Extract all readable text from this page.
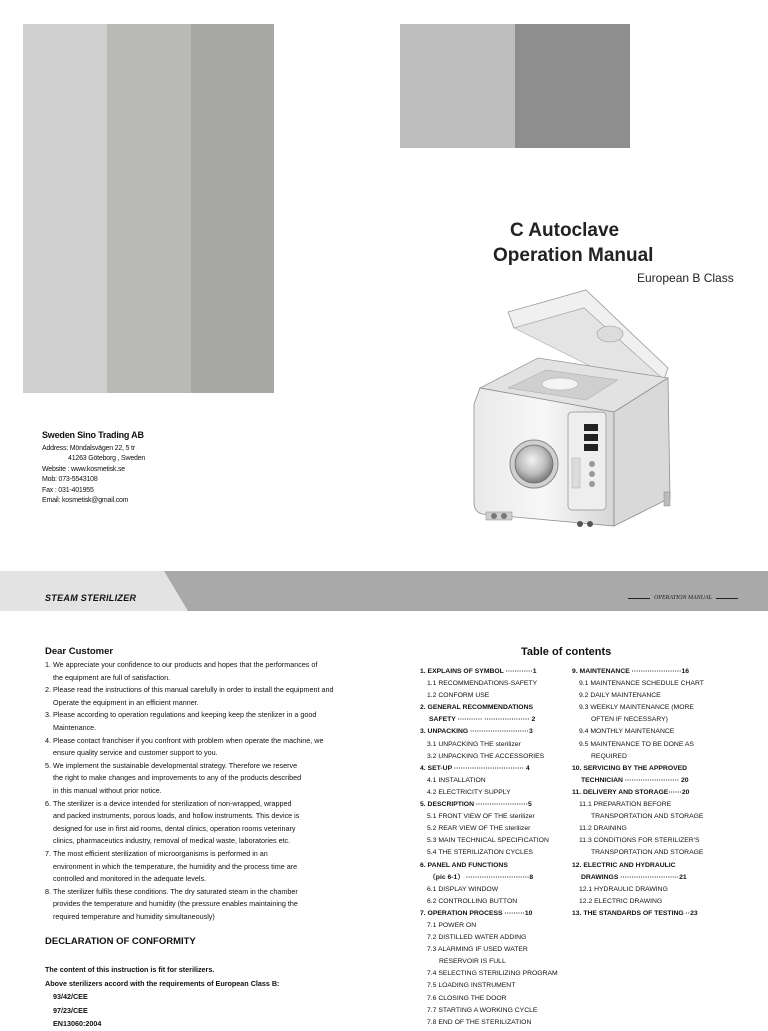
C Autoclave
Operation Manual
European B Class
Sweden Sino Trading AB
Address: Möndalsvägen 22, 5 tr
41263 Göteborg , Sweden
Website : www.kosmetisk.se
Mob: 073-5543108
Fax : 031-401955
Email: kosmetisk@gmail.com
STEAM STERILIZER	OPERATION MANUAL
Dear Customer
1. We appreciate your confidence to our products and hopes that the performances of
the equipment are full of satisfaction.
2. Please read the instructions of this manual carefully in order to install the equipment and
Operate the equipment in an efficient manner.
3. Please according to operation regulations and keeping keep the sterilizer in a good
Maintenance.
4. Please contact franchiser if you confront with problem when operate the machine, we
ensure quality service and customer support to you.
5. We implement the sustainable developmental strategy. Therefore we reserve
the right to make changes and improvements to any of the products described
in this manual without prior notice.
6. The sterilizer is a device intended for sterilization of non-wrapped, wrapped
and packed instruments, porous loads, and hollow instruments. This device is
designed for use in first aid rooms, dental clinics, operation rooms veterinary
clinics, pharmaceutics industry, removal of medical waste, laboratories etc.
7. The most efficient sterilization of microorganisms is performed in an
environment in which the temperature, the humidity and the process time are
controlled and monitored in the adequate levels.
8. The sterilizer fulfils these conditions. The dry saturated steam in the chamber
provides the temperature and humidity (the pressure enables maintaining the
required temperature and humidity simultaneously)
DECLARATION OF CONFORMITY
The content of this instruction is fit for sterilizers.
Above sterilizers accord with the requirements of European Class B:
93/42/CEE
97/23/CEE
EN13060:2004
Table of contents
1. EXPLAINS OF SYMBOL ············1
1.1 RECOMMENDATIONS-SAFETY
1.2 CONFORM USE
2. GENERAL RECOMMENDATIONS
SAFETY ··········· ···················· 2
3. UNPACKING ··························3
3.1 UNPACKING THE sterilizer
3.2 UNPACKING THE ACCESSORIES
4. SET-UP ······························· 4
4.1 INSTALLATION
4.2 ELECTRICITY SUPPLY
5. DESCRIPTION ·······················5
5.1 FRONT VIEW OF THE sterilizer
5.2 REAR VIEW OF THE sterilizer
5.3 MAIN TECHNICAL SPECIFICATION
5.4 THE STERILIZATION CYCLES
6. PANEL AND FUNCTIONS
（pic 6-1） ····························8
6.1 DISPLAY WINDOW
6.2 CONTROLLING BUTTON
7. OPERATION PROCESS ·········10
7.1 POWER ON
7.2 DISTILLED WATER ADDING
7.3 ALARMING IF USED WATER
RESERVOIR IS FULL
7.4 SELECTING STERILIZING PROGRAM
7.5 LOADING INSTRUMENT
7.6 CLOSING THE DOOR
7.7 STARTING A WORKING CYCLE
7.8 END OF THE STERILIZATION
9. MAINTENANCE ······················16
9.1 MAINTENANCE SCHEDULE CHART
9.2 DAILY MAINTENANCE
9.3 WEEKLY MAINTENANCE (MORE
OFTEN IF NECESSARY)
9.4 MONTHLY MAINTENANCE
9.5 MAINTENANCE TO BE DONE AS
REQUIRED
10. SERVICING BY THE APPROVED
TECHNICIAN ························ 20
11. DELIVERY AND STORAGE······20
11.1 PREPARATION BEFORE
TRANSPORTATION AND STORAGE
11.2 DRAINING
11.3 CONDITIONS FOR STERILIZER'S
TRANSPORTATION AND STORAGE
12. ELECTRIC AND HYDRAULIC
DRAWINGS ··························21
12.1 HYDRAULIC DRAWING
12.2 ELECTRIC DRAWING
13. THE STANDARDS OF TESTING ··23
